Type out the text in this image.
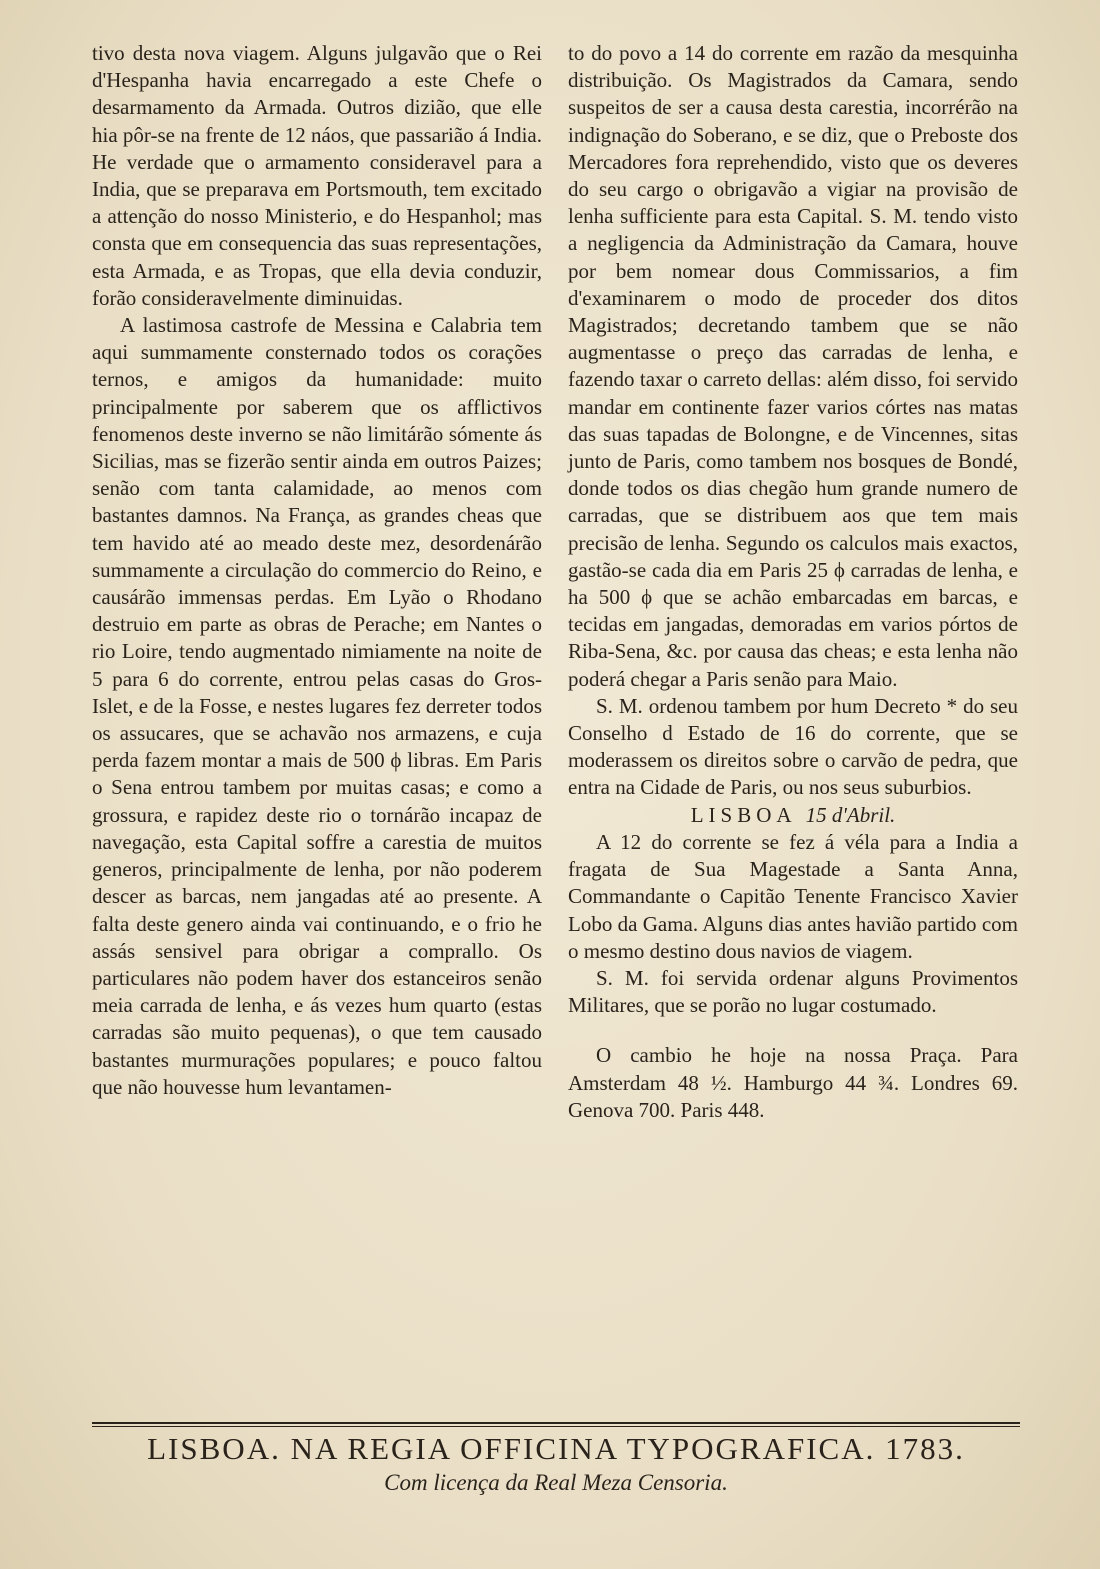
tivo desta nova viagem. Alguns julgavão que o Rei d'Hespanha havia encarregado a este Chefe o desarmamento da Armada. Outros dizião, que elle hia pôr-se na frente de 12 náos, que passarião á India. He verdade que o armamento consideravel para a India, que se preparava em Portsmouth, tem excitado a attenção do nosso Ministerio, e do Hespanhol; mas consta que em consequencia das suas representações, esta Armada, e as Tropas, que ella devia conduzir, forão consideravelmente diminuidas.

A lastimosa castrofe de Messina e Calabria tem aqui summamente consternado todos os corações ternos, e amigos da humanidade: muito principalmente por saberem que os afflictivos fenomenos deste inverno se não limitárão sómente ás Sicilias, mas se fizerão sentir ainda em outros Paizes; senão com tanta calamidade, ao menos com bastantes damnos. Na França, as grandes cheas que tem havido até ao meado deste mez, desordenárão summamente a circulação do commercio do Reino, e causárão immensas perdas. Em Lyão o Rhodano destruio em parte as obras de Perache; em Nantes o rio Loire, tendo augmentado nimiamente na noite de 5 para 6 do corrente, entrou pelas casas do Gros-Islet, e de la Fosse, e nestes lugares fez derreter todos os assucares, que se achavão nos armazens, e cuja perda fazem montar a mais de 500 ϕ libras. Em Paris o Sena entrou tambem por muitas casas; e como a grossura, e rapidez deste rio o tornárão incapaz de navegação, esta Capital soffre a carestia de muitos generos, principalmente de lenha, por não poderem descer as barcas, nem jangadas até ao presente. A falta deste genero ainda vai continuando, e o frio he assás sensivel para obrigar a comprallo. Os particulares não podem haver dos estanceiros senão meia carrada de lenha, e ás vezes hum quarto (estas carradas são muito pequenas), o que tem causado bastantes murmurações populares; e pouco faltou que não houvesse hum levantamen-

to do povo a 14 do corrente em razão da mesquinha distribuição. Os Magistrados da Camara, sendo suspeitos de ser a causa desta carestia, incorrérão na indignação do Soberano, e se diz, que o Preboste dos Mercadores fora reprehendido, visto que os deveres do seu cargo o obrigavão a vigiar na provisão de lenha sufficiente para esta Capital. S. M. tendo visto a negligencia da Administração da Camara, houve por bem nomear dous Commissarios, a fim d'examinarem o modo de proceder dos ditos Magistrados; decretando tambem que se não augmentasse o preço das carradas de lenha, e fazendo taxar o carreto dellas: além disso, foi servido mandar em continente fazer varios córtes nas matas das suas tapadas de Bolongne, e de Vincennes, sitas junto de Paris, como tambem nos bosques de Bondé, donde todos os dias chegão hum grande numero de carradas, que se distribuem aos que tem mais precisão de lenha. Segundo os calculos mais exactos, gastão-se cada dia em Paris 25 ϕ carradas de lenha, e ha 500 ϕ que se achão embarcadas em barcas, e tecidas em jangadas, demoradas em varios pórtos de Riba-Sena, &c. por causa das cheas; e esta lenha não poderá chegar a Paris senão para Maio.

S. M. ordenou tambem por hum Decreto * do seu Conselho d Estado de 16 do corrente, que se moderassem os direitos sobre o carvão de pedra, que entra na Cidade de Paris, ou nos seus suburbios.

LISBOA 15 d'Abril.

A 12 do corrente se fez á véla para a India a fragata de Sua Magestade a Santa Anna, Commandante o Capitão Tenente Francisco Xavier Lobo da Gama. Alguns dias antes havião partido com o mesmo destino dous navios de viagem.

S. M. foi servida ordenar alguns Provimentos Militares, que se porão no lugar costumado.

O cambio he hoje na nossa Praça. Para Amsterdam 48 ½. Hamburgo 44 ¾. Londres 69. Genova 700. Paris 448.

LISBOA. NA REGIA OFFICINA TYPOGRAFICA. 1783.
Com licença da Real Meza Censoria.
